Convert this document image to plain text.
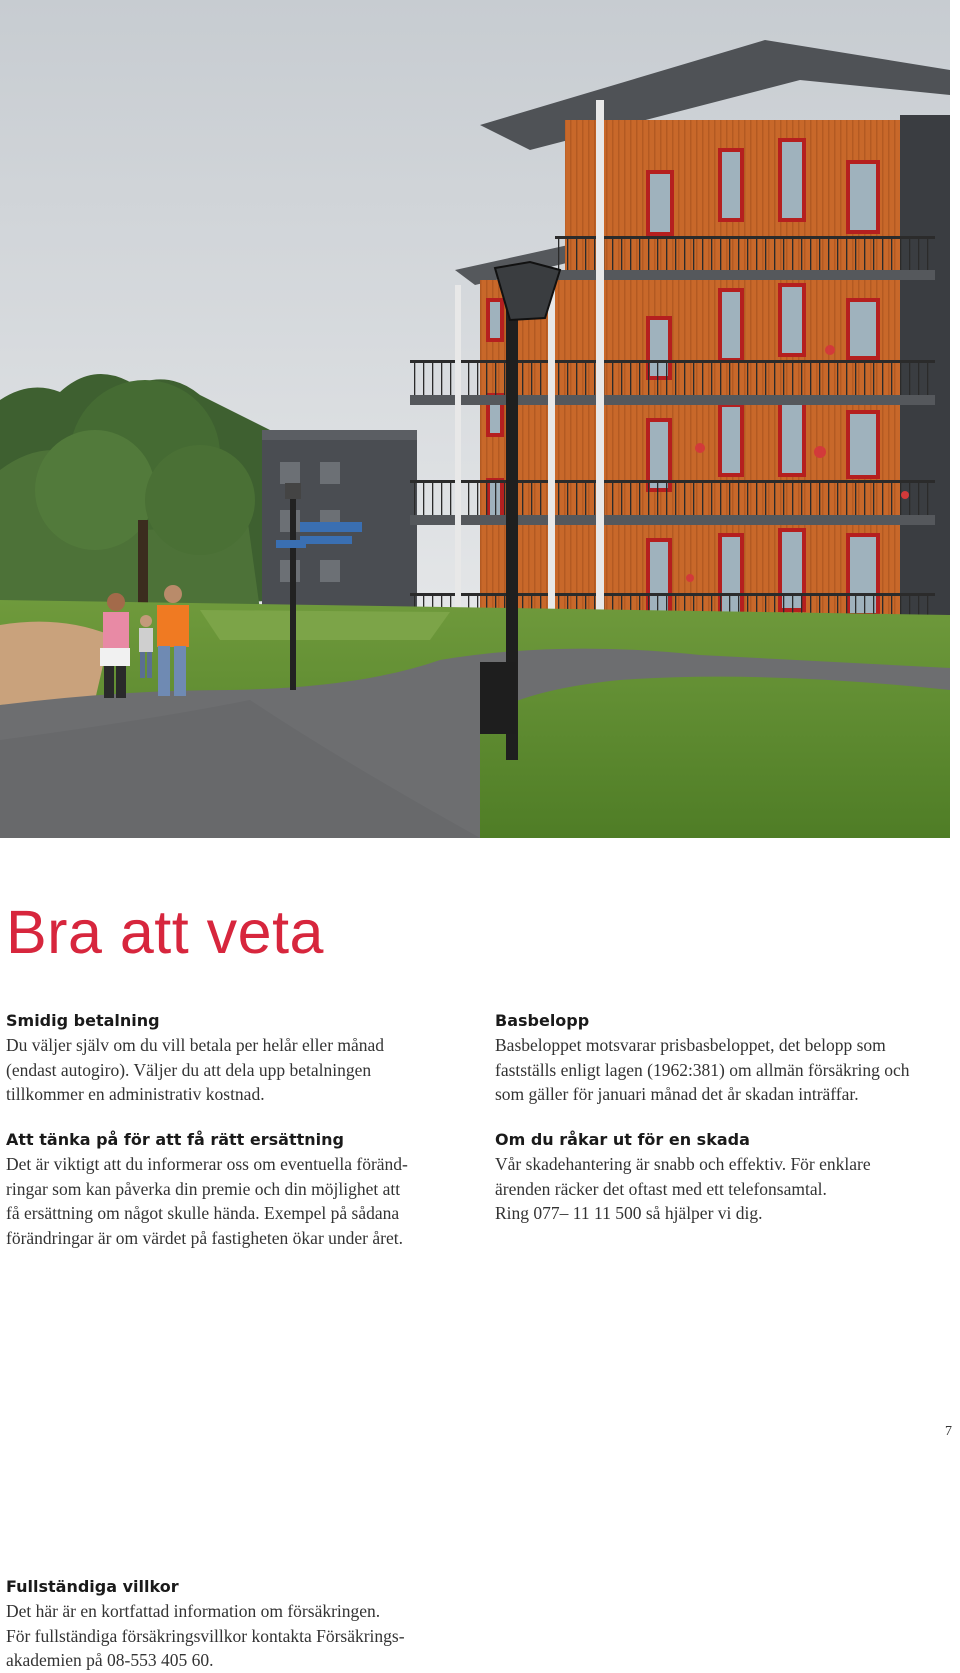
Bra att veta
Smidig betalning

Du väljer själv om du vill betala per helår eller månad

(endast autogiro). Väljer du att dela upp betalningen

tillkommer en administrativ kostnad.

Att tänka på för att få rätt ersättning

Det är viktigt att du informerar oss om eventuella föränd-

ringar som kan påverka din premie och din möjlighet att

få ersättning om något skulle hända. Exempel på sådana

förändringar är om värdet på fastigheten ökar under året.

Fullständiga villkor

Det här är en kortfattad information om försäkringen.

För fullständiga försäkringsvillkor kontakta Försäkrings-

akademien på 08-553 405 60.

Basbelopp

Basbeloppet motsvarar prisbasbeloppet, det belopp som

fastställs enligt lagen (1962:381) om allmän försäkring och

som gäller för januari månad det år skadan inträffar.

Om du råkar ut för en skada

Vår skadehantering är snabb och effektiv. För enklare

ärenden räcker det oftast med ett telefonsamtal.

Ring 077– 11 11 500 så hjälper vi dig.

7
